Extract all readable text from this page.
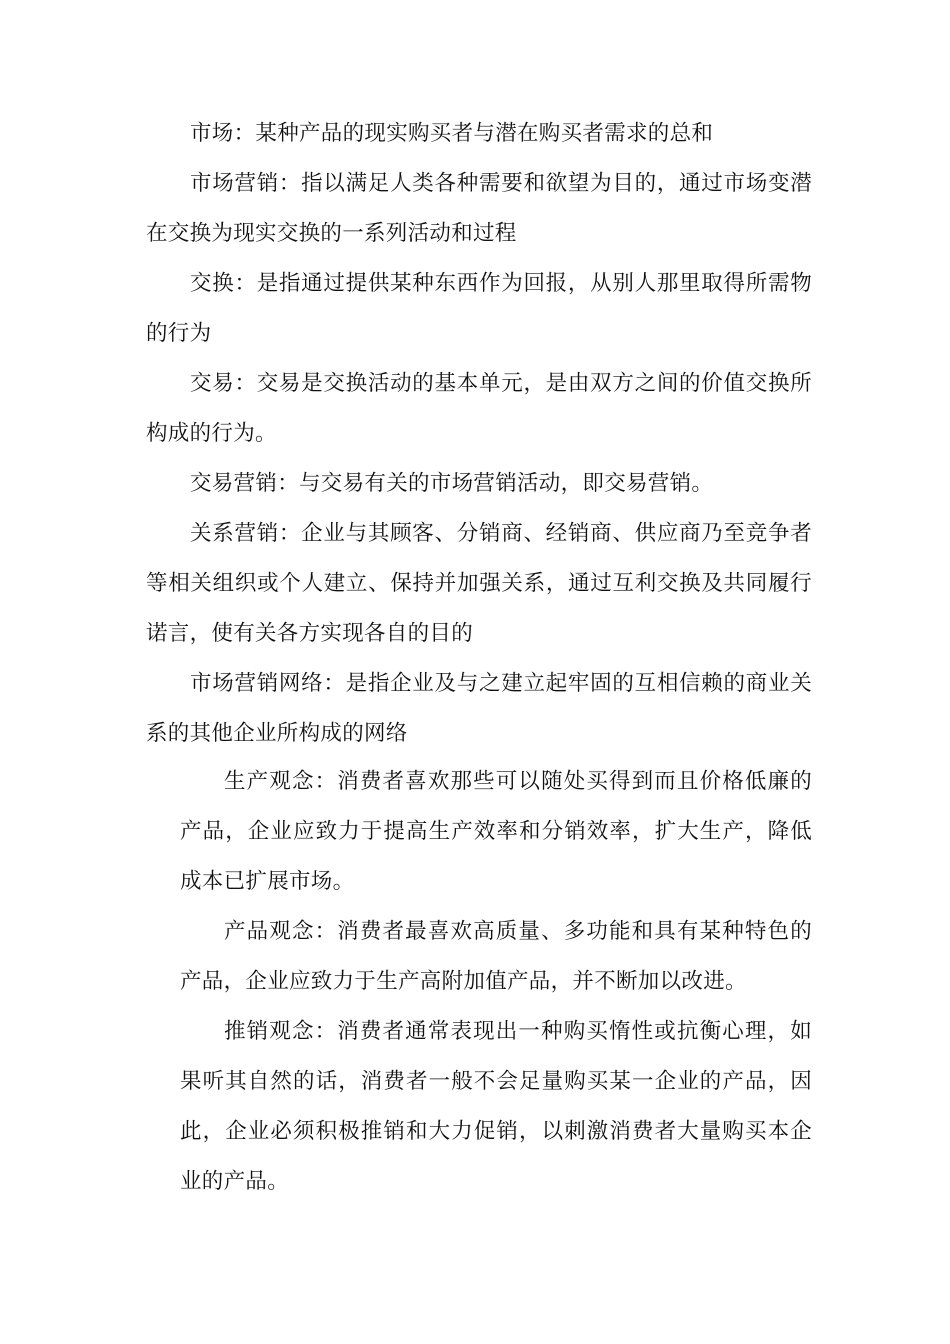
市场：某种产品的现实购买者与潜在购买者需求的总和

市场营销：指以满足人类各种需要和欲望为目的，通过市场变潜在交换为现实交换的一系列活动和过程

交换：是指通过提供某种东西作为回报，从别人那里取得所需物的行为

交易：交易是交换活动的基本单元，是由双方之间的价值交换所构成的行为。

交易营销：与交易有关的市场营销活动，即交易营销。

关系营销：企业与其顾客、分销商、经销商、供应商乃至竞争者等相关组织或个人建立、保持并加强关系，通过互利交换及共同履行诺言，使有关各方实现各自的目的

市场营销网络：是指企业及与之建立起牢固的互相信赖的商业关系的其他企业所构成的网络

生产观念：消费者喜欢那些可以随处买得到而且价格低廉的产品，企业应致力于提高生产效率和分销效率，扩大生产，降低成本已扩展市场。

产品观念：消费者最喜欢高质量、多功能和具有某种特色的产品，企业应致力于生产高附加值产品，并不断加以改进。

推销观念：消费者通常表现出一种购买惰性或抗衡心理，如果听其自然的话，消费者一般不会足量购买某一企业的产品，因此，企业必须积极推销和大力促销，以刺激消费者大量购买本企业的产品。
